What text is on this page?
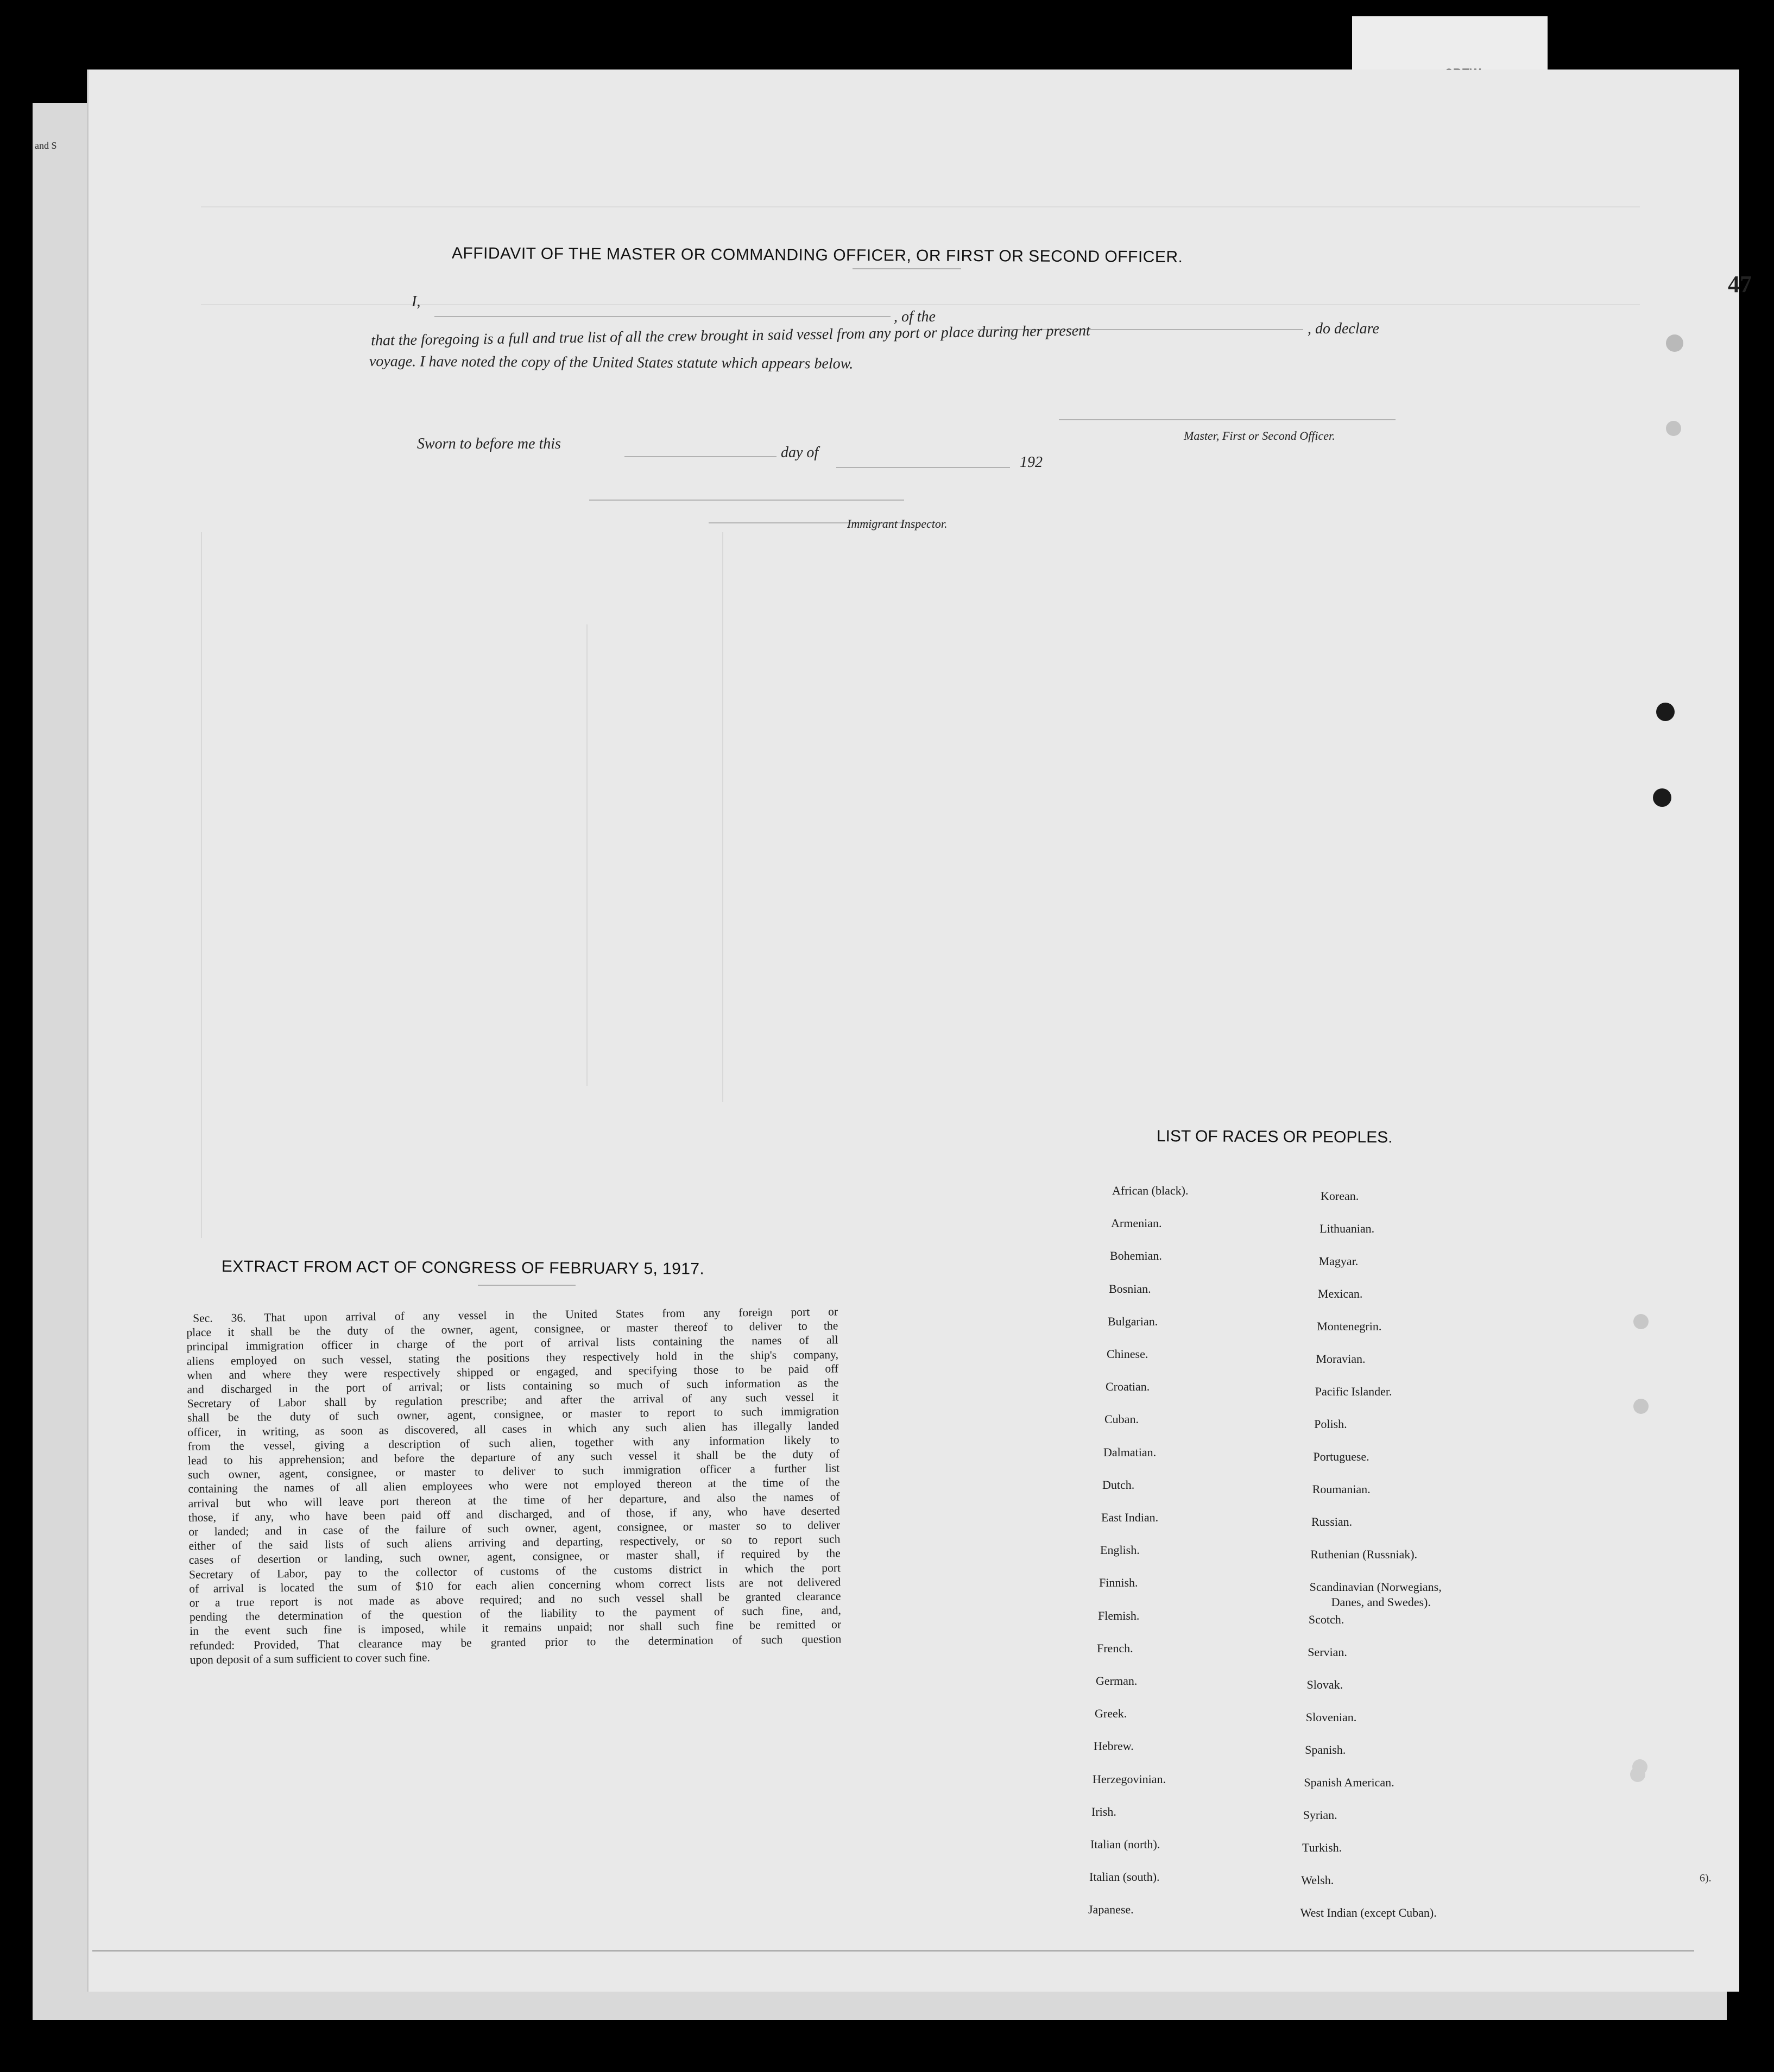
and S
47
6).
AFFIDAVIT OF THE MASTER OR COMMANDING OFFICER, OR FIRST OR SECOND OFFICER.
I,
, of the
, do declare
that the foregoing is a full and true list of all the crew brought in said vessel from any port or place during her present
voyage. I have noted the copy of the United States statute which appears below.
Master, First or Second Officer.
Sworn to before me this
day of
192
Immigrant Inspector.
EXTRACT FROM ACT OF CONGRESS OF FEBRUARY 5, 1917.
Sec. 36. That upon arrival of any vessel in the United States from any foreign port or
place it shall be the duty of the owner, agent, consignee, or master thereof to deliver to the
principal immigration officer in charge of the port of arrival lists containing the names of all
aliens employed on such vessel, stating the positions they respectively hold in the ship's company,
when and where they were respectively shipped or engaged, and specifying those to be paid off
and discharged in the port of arrival; or lists containing so much of such information as the
Secretary of Labor shall by regulation prescribe; and after the arrival of any such vessel it
shall be the duty of such owner, agent, consignee, or master to report to such immigration
officer, in writing, as soon as discovered, all cases in which any such alien has illegally landed
from the vessel, giving a description of such alien, together with any information likely to
lead to his apprehension; and before the departure of any such vessel it shall be the duty of
such owner, agent, consignee, or master to deliver to such immigration officer a further list
containing the names of all alien employees who were not employed thereon at the time of the
arrival but who will leave port thereon at the time of her departure, and also the names of
those, if any, who have been paid off and discharged, and of those, if any, who have deserted
or landed; and in case of the failure of such owner, agent, consignee, or master so to deliver
either of the said lists of such aliens arriving and departing, respectively, or so to report such
cases of desertion or landing, such owner, agent, consignee, or master shall, if required by the
Secretary of Labor, pay to the collector of customs of the customs district in which the port
of arrival is located the sum of $10 for each alien concerning whom correct lists are not delivered
or a true report is not made as above required; and no such vessel shall be granted clearance
pending the determination of the question of the liability to the payment of such fine, and,
in the event such fine is imposed, while it remains unpaid; nor shall such fine be remitted or
refunded: Provided, That clearance may be granted prior to the determination of such question
upon deposit of a sum sufficient to cover such fine.
LIST OF RACES OR PEOPLES.
African (black).
Armenian.
Bohemian.
Bosnian.
Bulgarian.
Chinese.
Croatian.
Cuban.
Dalmatian.
Dutch.
East Indian.
English.
Finnish.
Flemish.
French.
German.
Greek.
Hebrew.
Herzegovinian.
Irish.
Italian (north).
Italian (south).
Japanese.
Korean.
Lithuanian.
Magyar.
Mexican.
Montenegrin.
Moravian.
Pacific Islander.
Polish.
Portuguese.
Roumanian.
Russian.
Ruthenian (Russniak).
Scandinavian (Norwegians,
Danes, and Swedes).
Scotch.
Servian.
Slovak.
Slovenian.
Spanish.
Spanish American.
Syrian.
Turkish.
Welsh.
West Indian (except Cuban).
